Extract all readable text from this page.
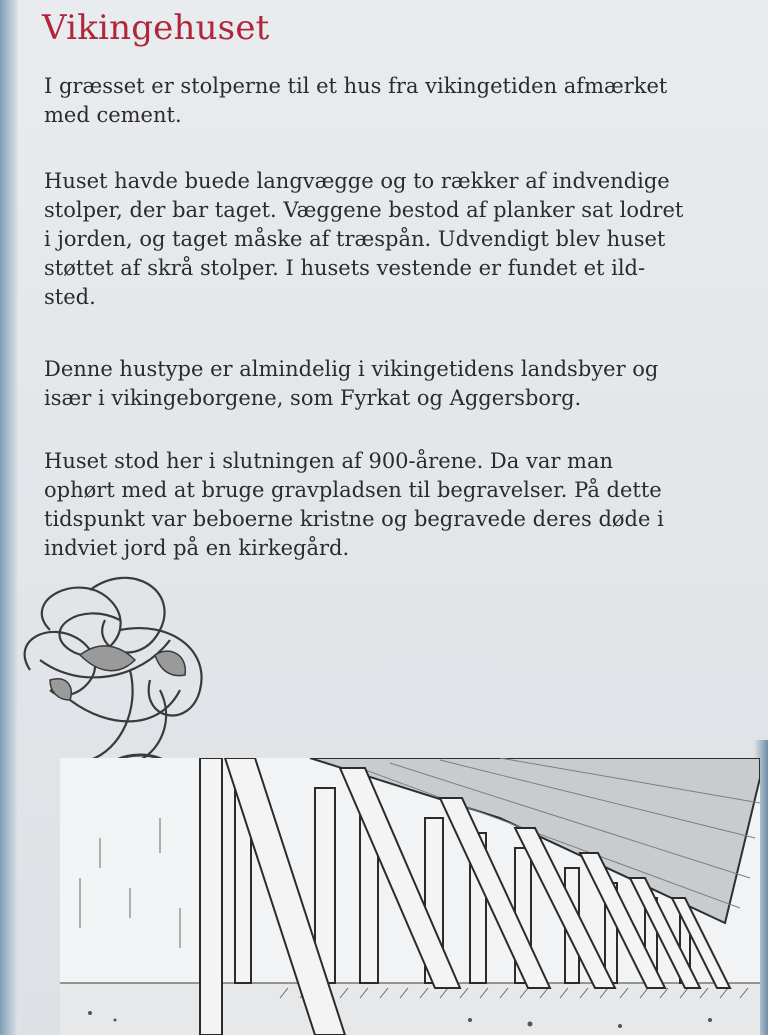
Vikingehuset

I græsset er stolperne til et hus fra vikingetiden afmærket
med cement.

Huset havde buede langvægge og to rækker af indvendige
stolper, der bar taget. Væggene bestod af planker sat lodret
i jorden, og taget måske af træspån. Udvendigt blev huset
støttet af skrå stolper. I husets vestende er fundet et ild-
sted.

Denne hustype er almindelig i vikingetidens landsbyer og
især i vikingeborgene, som Fyrkat og Aggersborg.

Huset stod her i slutningen af 900-årene. Da var man
ophørt med at bruge gravpladsen til begravelser. På dette
tidspunkt var beboerne kristne og begravede deres døde i
indviet jord på en kirkegård.
